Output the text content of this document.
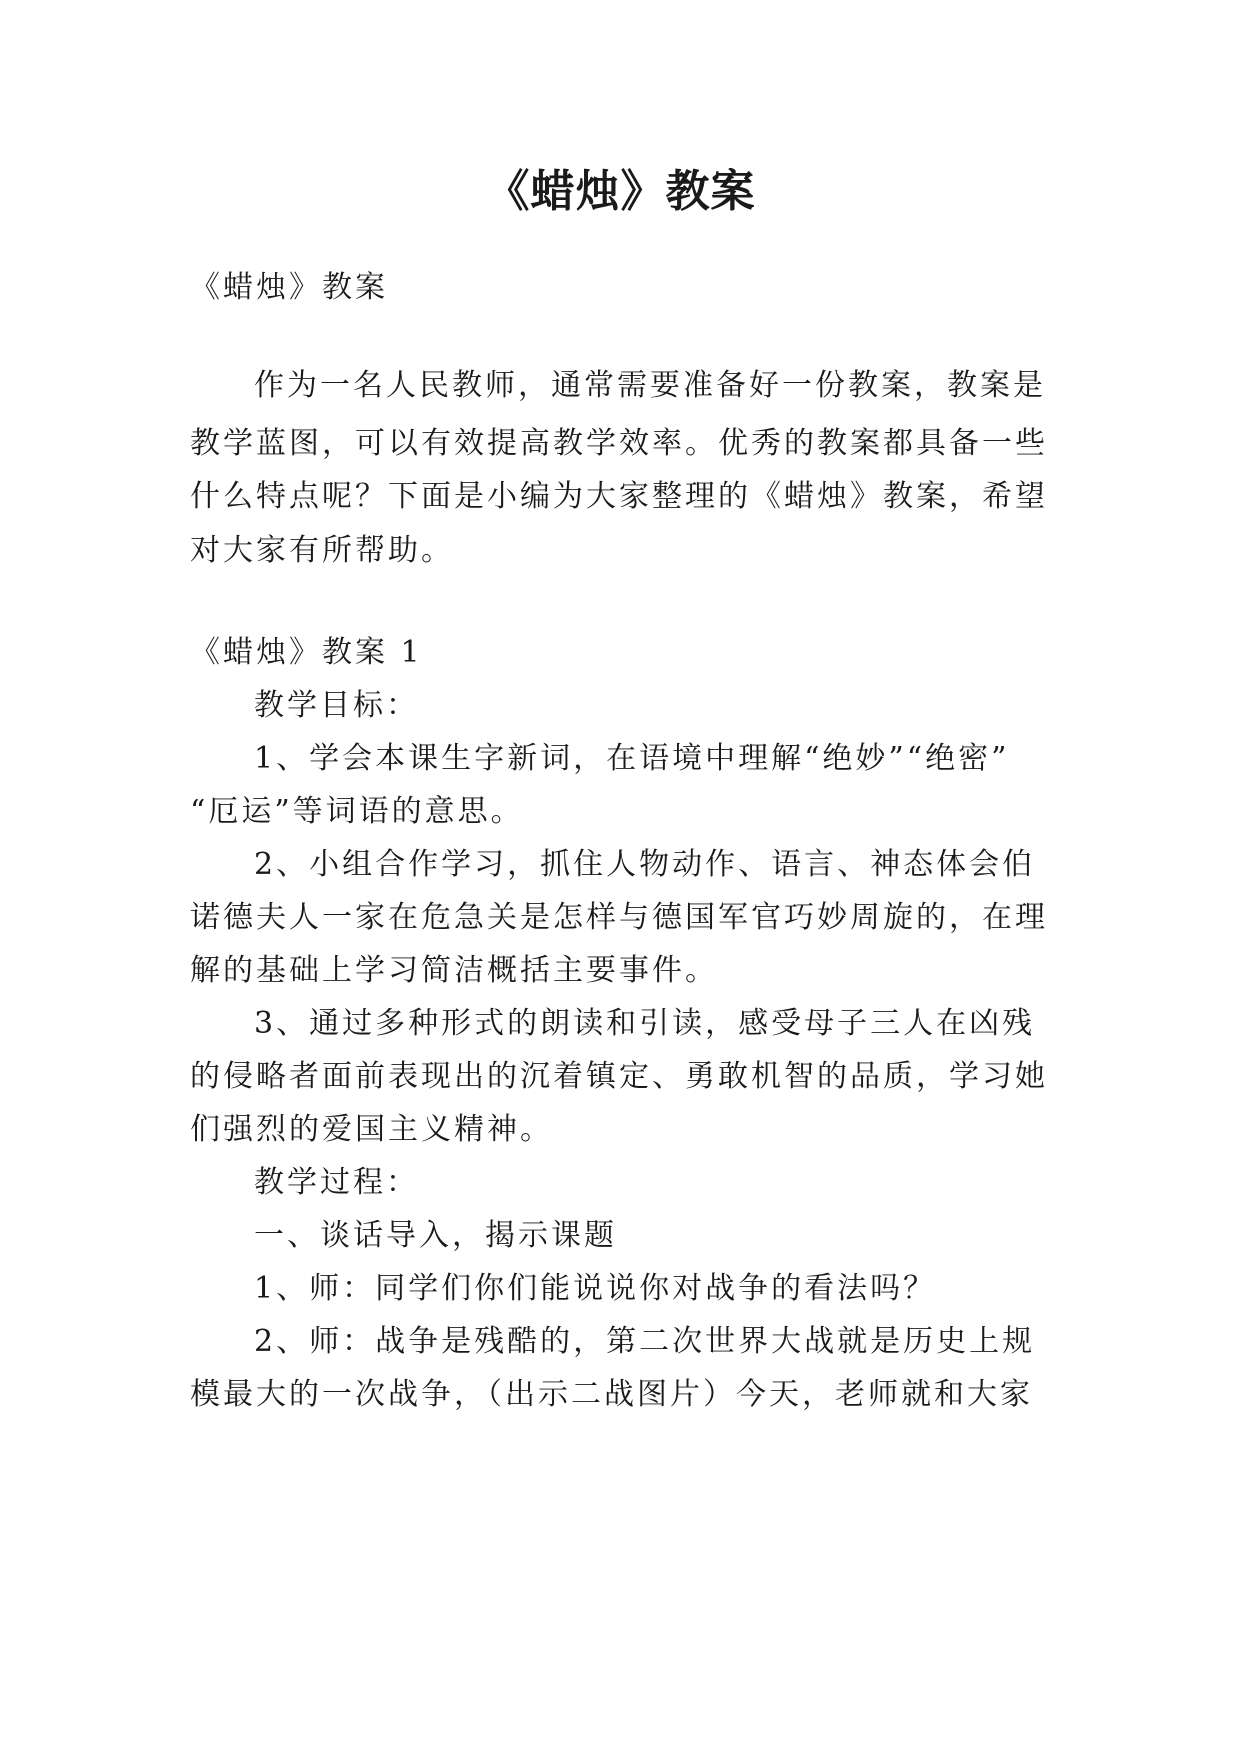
《蜡烛》教案
《蜡烛》教案
作为一名人民教师，通常需要准备好一份教案，教案是
教学蓝图，可以有效提高教学效率。优秀的教案都具备一些
什么特点呢？下面是小编为大家整理的《蜡烛》教案，希望
对大家有所帮助。
《蜡烛》教案 1
教学目标：
1、学会本课生字新词，在语境中理解“绝妙”“绝密”
“厄运”等词语的意思。
2、小组合作学习，抓住人物动作、语言、神态体会伯
诺德夫人一家在危急关是怎样与德国军官巧妙周旋的，在理
解的基础上学习简洁概括主要事件。
3、通过多种形式的朗读和引读，感受母子三人在凶残
的侵略者面前表现出的沉着镇定、勇敢机智的品质，学习她
们强烈的爱国主义精神。
教学过程：
一、谈话导入，揭示课题
1、师：同学们你们能说说你对战争的看法吗？
2、师：战争是残酷的，第二次世界大战就是历史上规
模最大的一次战争，（出示二战图片）今天，老师就和大家
